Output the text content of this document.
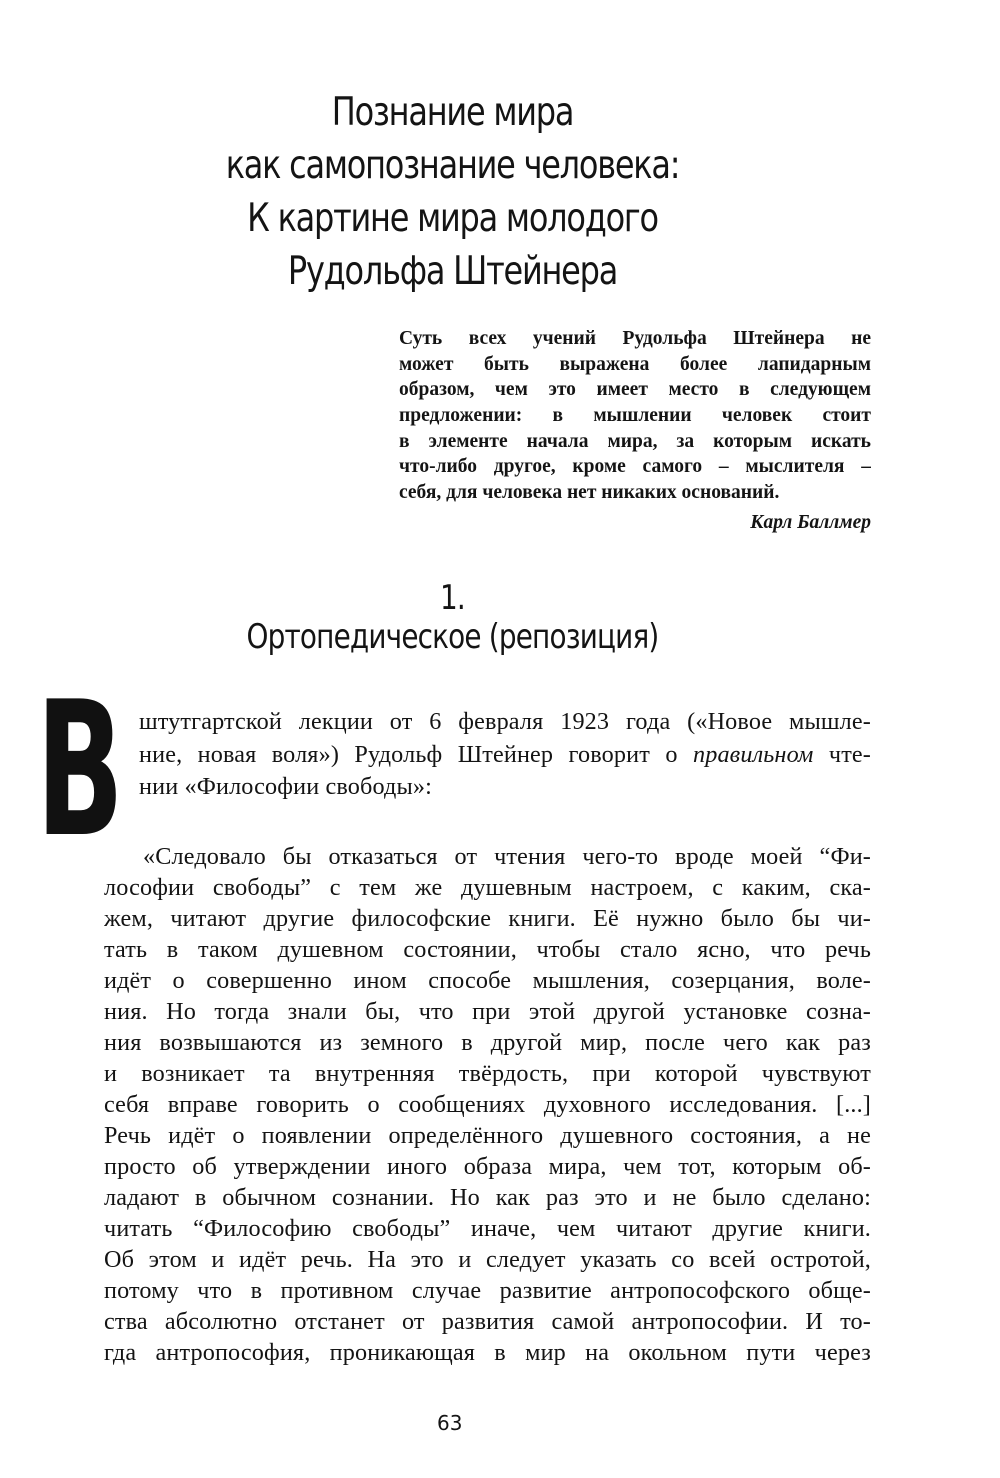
Познание мира
как самопознание человека:
К картине мира молодого
Рудольфа Штейнера
Суть всех учений Рудольфа Штейнера не
может быть выражена более лапидарным
образом, чем это имеет место в следующем
предложении: в мышлении человек стоит
в элементе начала мира, за которым искать
что-либо другое, кроме самого – мыслителя –
себя, для человека нет никаких оснований.
Карл Баллмер
1.
Ортопедическое (репозиция)
В штутгартской лекции от 6 февраля 1923 года («Новое мышле-
ние, новая воля») Рудольф Штейнер говорит о правильном чте-
нии «Философии свободы»:
«Следовало бы отказаться от чтения чего-то вроде моей “Фи-
лософии свободы” с тем же душевным настроем, с каким, ска-
жем, читают другие философские книги. Её нужно было бы чи-
тать в таком душевном состоянии, чтобы стало ясно, что речь
идёт о совершенно ином способе мышления, созерцания, воле-
ния. Но тогда знали бы, что при этой другой установке созна-
ния возвышаются из земного в другой мир, после чего как раз
и возникает та внутренняя твёрдость, при которой чувствуют
себя вправе говорить о сообщениях духовного исследования. [...]
Речь идёт о появлении определённого душевного состояния, а не
просто об утверждении иного образа мира, чем тот, которым об-
ладают в обычном сознании. Но как раз это и не было сделано:
читать “Философию свободы” иначе, чем читают другие книги.
Об этом и идёт речь. На это и следует указать со всей остротой,
потому что в противном случае развитие антропософского обще-
ства абсолютно отстанет от развития самой антропософии. И то-
гда антропософия, проникающая в мир на окольном пути через
63
